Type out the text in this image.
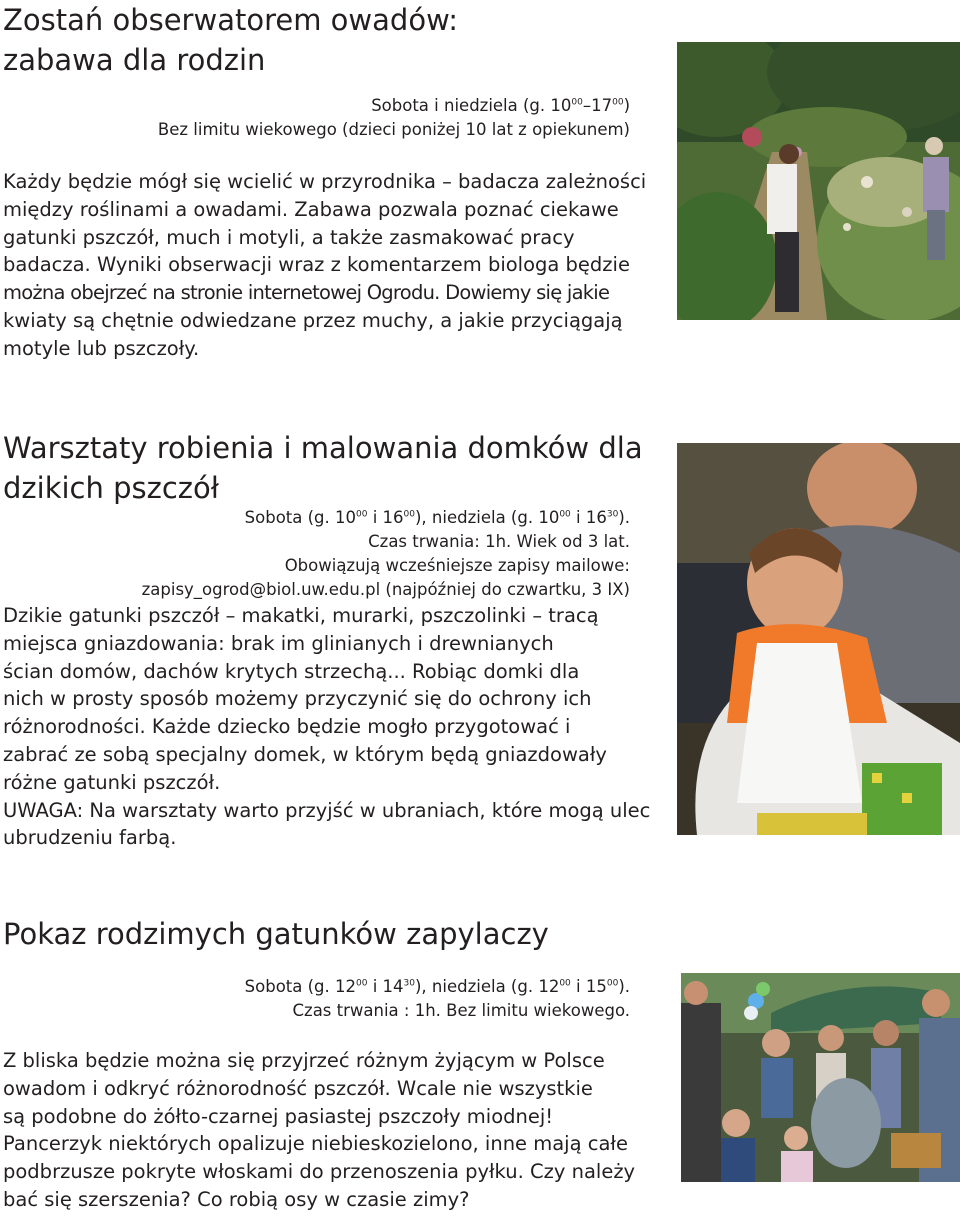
Zostań obserwatorem owadów:
zabawa dla rodzin
Sobota i niedziela (g. $10^{00}-17^{00}$)
Bez limitu wiekowego (dzieci poniżej 10 lat z opiekunem)
Każdy będzie mógł się wcielić w przyrodnika – badacza zależności
między roślinami a owadami. Zabawa pozwala poznać ciekawe
gatunki pszczół, much i motyli, a także zasmakować pracy
badacza. Wyniki obserwacji wraz z komentarzem biologa będzie
można obejrzeć na stronie internetowej Ogrodu. Dowiemy się jakie
kwiaty są chętnie odwiedzane przez muchy, a jakie przyciągają
motyle lub pszczoły.
Warsztaty robienia i malowania domków dla
dzikich pszczół
Sobota (g. $10^{00}$ i $16^{00}$), niedziela (g. $10^{00}$ i $16^{30}$).
Czas trwania: 1h. Wiek od 3 lat.
Obowiązują wcześniejsze zapisy mailowe:
zapisy_ogrod@biol.uw.edu.pl (najpóźniej do czwartku, 3 IX)
Dzikie gatunki pszczół – makatki, murarki, pszczolinki – tracą
miejsca gniazdowania: brak im glinianych i drewnianych
ścian domów, dachów krytych strzechą... Robiąc domki dla
nich w prosty sposób możemy przyczynić się do ochrony ich
różnorodności. Każde dziecko będzie mogło przygotować i
zabrać ze sobą specjalny domek, w którym będą gniazdowały
różne gatunki pszczół.
UWAGA: Na warsztaty warto przyjść w ubraniach, które mogą ulec
ubrudzeniu farbą.
Pokaz rodzimych gatunków zapylaczy
Sobota (g. $12^{00}$ i $14^{30}$), niedziela (g. $12^{00}$ i $15^{00}$).
Czas trwania : 1h. Bez limitu wiekowego.
Z bliska będzie można się przyjrzeć różnym żyjącym w Polsce
owadom i odkryć różnorodność pszczół. Wcale nie wszystkie
są podobne do żółto-czarnej pasiastej pszczoły miodnej!
Pancerzyk niektórych opalizuje niebieskozielono, inne mają całe
podbrzusze pokryte włoskami do przenoszenia pyłku. Czy należy
bać się szerszenia? Co robią osy w czasie zimy?
